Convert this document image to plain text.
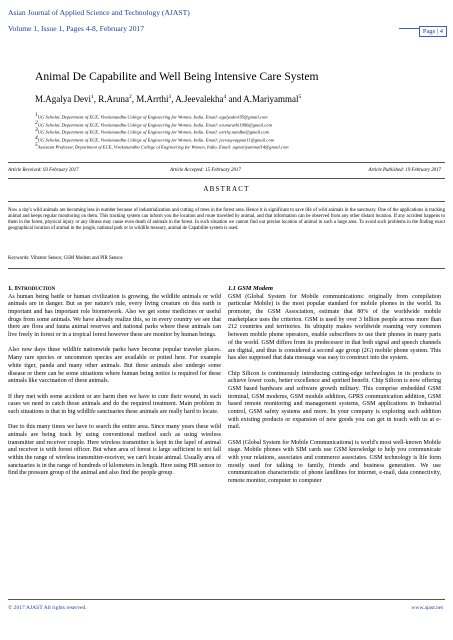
Asian Journal of Applied Science and Technology (AJAST)
Volume 1, Issue 1, Pages 4-8, February 2017	Page | 4
Animal De Capabilite and Well Being Intensive Care System
M.Agalya Devi$^1$, R.Aruna$^2$, M.Arrthi$^3$, A.Jeevalekha$^4$ and A.Mariyammal$^5$
$^1$UG Scholar, Department of ECE, Vivekanandha College of Engineering for Women, India. Email: agalyadevi95@gmail.com
$^2$UG Scholar, Department of ECE, Vivekanandha College of Engineering for Women, India. Email: arunarathi1996@gmail.com
$^3$UG Scholar, Department of ECE, Vivekanandha College of Engineering for Women, India. Email: arrthy.nandha@gmail.com
$^4$UG Scholar, Department of ECE, Vivekanandha College of Engineering for Women, India. Email: jeevasyvappan11@gmail.com
$^5$Assistant Professor, Department of ECE, Vivekanandha College of Engineering for Women, India. Email: aqmariyammal14@gmail.com
Article Received: 03 February 2017	Article Accepted: 15 February 2017	Article Published: 19 February 2017
ABSTRACT
Now a day's wild animals are becoming less in number because of industrialization and cutting of trees in the forest area. Hence it is significant to save life of wild animals in the sanctuary. One of the applications is tracking animal and keeps regular monitoring on them. This tracking system can inform you the location and route travelled by animal, and that information can be observed from any other distant location. If any accident happens to them in the forest, physical injury or any illness may cause even death of animals in the forest. In such situation we cannot find out precise location of animal in such a large area. To avoid such problems in the finding exact geographical location of animal in the jungle, national park or in wildlife treasury, animal de Capabilite system is used.
Keywords: Vibrator Sensor, GSM Modem and PIR Sensor.
1. Introduction

As human being battle or human civilization is growing, the wildlife animals or wild animals are in danger. But as per nature's rule, every living creature on this earth is important and has important role biometwork. Also we get some medicines or useful drugs from some animals. We have already realize this, so in every country we see that there are flora and fauna animal reserves and national parks where these animals can live freely in forest or in a tropical forest however these are monitor by human beings.

Also now days these wildlife nationwide parks have become popular traveler places. Many rare species or uncommon species are available or potted here. For example white tiger, panda and many other animals. But these animals also undergo some disease or there can be some situations where human being notice is required for these animals like vaccination of these animals.

If they met with some accident or are harm then we have to cure their wound, in such cases we need to catch those animals and do the required treatment. Main problem in such situations is that in big wildlife sanctuaries these animals are really hard to locate.

Due to this many times we have to search the entire area. Since many years these wild animals are being track by using conventional method such as using wireless transmitter and receiver couple. Here wireless transmitter is kept in the lapel of animal and receiver is with forest officer. But when area of forest is large sufficient to not fall within the range of wireless transmitter-receiver, we can't locate animal. Usually area of sanctuaries is in the range of hundreds of kilometers in length. Here using PIR sensor to find the pressure group of the animal and also find the people group.

1.1 GSM Modem

GSM (Global System for Mobile communications: originally from compilation particular Mobile) is the most popular standard for mobile phones in the world. Its promoter, the GSM Association, estimate that 80% of the worldwide mobile marketplace uses the criterion. GSM is used by over 3 billion people across more than 212 countries and territories. Its ubiquity makes worldwide roaming very common between mobile phone operators, enable subscribers to use their phones in many parts of the world. GSM differs from its predecessor in that both signal and speech channels are digital, and thus is considered a second age group (2G) mobile phone system. This has also supposed that data message was easy to construct into the system.

Chip Silicon is continuously introducing cutting-edge technologies in its products to achieve lower costs, better excellence and spirited benefit. Chip Silicon is now offering GSM based hardware and software growth military. This comprise embedded GSM terminal, GSM modems, GSM module addition, GPRS communication addition, GSM based remote monitoring and management systems, GSM applications in Industrial control, GSM safety systems and more. In your company is exploring such addition with existing products or expansion of new goods you can get in touch with us at e-mail.

GSM (Global System for Mobile Communications) is world's most well-known Mobile stage. Mobile phones with SIM cards use GSM knowledge to help you communicate with your relations, associates and commerce associates. GSM technology is life form mostly used for talking to family, friends and business generation. We use communication characteristic of phone landlines for internet, e-mail, data connectivity, remote monitor, computer to computer

© 2017 AJAST All rights reserved.	www.ajast.net
